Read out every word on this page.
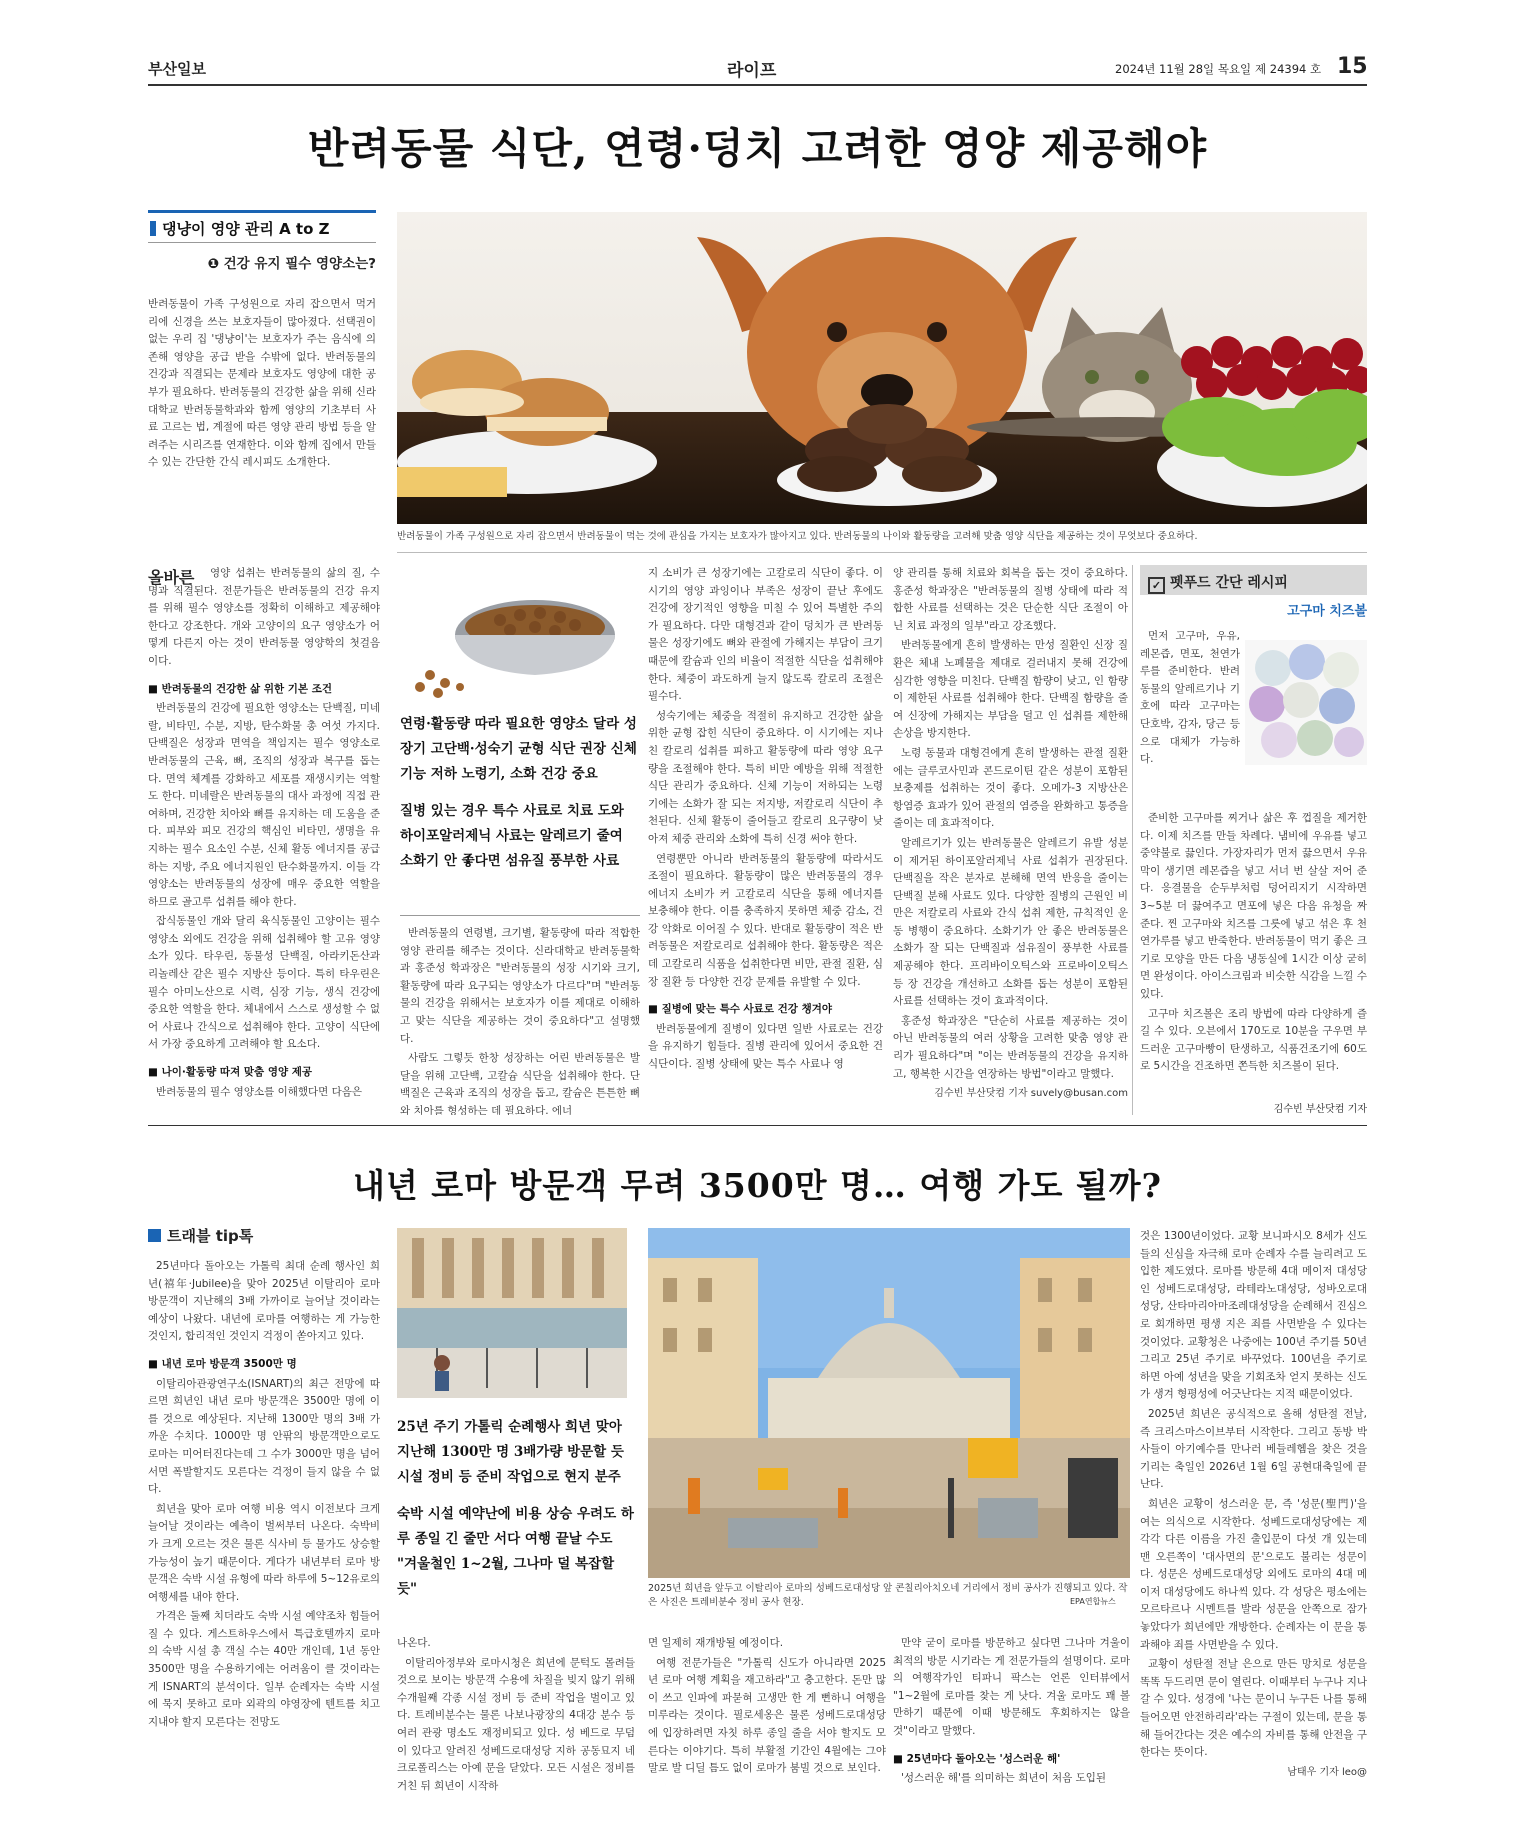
부산일보	라이프	2024년 11월 28일 목요일 제 24394 호 15
반려동물 식단, 연령·덩치 고려한 영양 제공해야
댕냥이 영양 관리 A to Z
❶ 건강 유지 필수 영양소는?

반려동물이 가족 구성원으로 자리 잡으면서 먹거리에 신경을 쓰는 보호자들이 많아졌다. 선택권이 없는 우리 집 '댕냥이'는 보호자가 주는 음식에 의존해 영양을 공급 받을 수밖에 없다. 반려동물의 건강과 직결되는 문제라 보호자도 영양에 대한 공부가 필요하다. 반려동물의 건강한 삶을 위해 신라대학교 반려동물학과와 함께 영양의 기초부터 사료 고르는 법, 계절에 따른 영양 관리 방법 등을 알려주는 시리즈를 연재한다. 이와 함께 집에서 만들 수 있는 간단한 간식 레시피도 소개한다.

반려동물이 가족 구성원으로 자리 잡으면서 반려동물이 먹는 것에 관심을 가지는 보호자가 많아지고 있다. 반려동물의 나이와 활동량을 고려해 맞춤 영양 식단을 제공하는 것이 무엇보다 중요하다.
올바른	영양 섭취는 반려동물의 삶의 질, 수명과 직결된다. 전문가들은 반려동물의 건강 유지를 위해 필수 영양소를 정확히 이해하고 제공해야 한다고 강조한다. 개와 고양이의 요구 영양소가 어떻게 다른지 아는 것이 반려동물 영양학의 첫걸음이다.

■ 반려동물의 건강한 삶 위한 기본 조건

반려동물의 건강에 필요한 영양소는 단백질, 미네랄, 비타민, 수분, 지방, 탄수화물 총 여섯 가지다. 단백질은 성장과 면역을 책임지는 필수 영양소로 반려동물의 근육, 뼈, 조직의 성장과 복구를 돕는다. 면역 체계를 강화하고 세포를 재생시키는 역할도 한다. 미네랄은 반려동물의 대사 과정에 직접 관여하며, 건강한 치아와 뼈를 유지하는 데 도움을 준다. 피부와 피모 건강의 핵심인 비타민, 생명을 유지하는 필수 요소인 수분, 신체 활동 에너지를 공급하는 지방, 주요 에너지원인 탄수화물까지. 이들 각 영양소는 반려동물의 성장에 매우 중요한 역할을 하므로 골고루 섭취를 해야 한다.

잡식동물인 개와 달리 육식동물인 고양이는 필수 영양소 외에도 건강을 위해 섭취해야 할 고유 영양소가 있다. 타우린, 동물성 단백질, 아라키돈산과 리놀레산 같은 필수 지방산 등이다. 특히 타우린은 필수 아미노산으로 시력, 심장 기능, 생식 건강에 중요한 역할을 한다. 체내에서 스스로 생성할 수 없어 사료나 간식으로 섭취해야 한다. 고양이 식단에서 가장 중요하게 고려해야 할 요소다.

■ 나이·활동량 따져 맞춤 영양 제공

반려동물의 필수 영양소를 이해했다면 다음은

연령·활동량 따라 필요한 영양소 달라 성장기 고단백·성숙기 균형 식단 권장 신체 기능 저하 노령기, 소화 건강 중요

질병 있는 경우 특수 사료로 치료 도와 하이포알러제닉 사료는 알레르기 줄여 소화기 안 좋다면 섬유질 풍부한 사료

반려동물의 연령별, 크기별, 활동량에 따라 적합한 영양 관리를 해주는 것이다. 신라대학교 반려동물학과 홍준성 학과장은 "반려동물의 성장 시기와 크기, 활동량에 따라 요구되는 영양소가 다르다"며 "반려동물의 건강을 위해서는 보호자가 이를 제대로 이해하고 맞는 식단을 제공하는 것이 중요하다"고 설명했다.

사람도 그렇듯 한창 성장하는 어린 반려동물은 발달을 위해 고단백, 고칼슘 식단을 섭취해야 한다. 단백질은 근육과 조직의 성장을 돕고, 칼슘은 튼튼한 뼈와 치아를 형성하는 데 필요하다. 에너

지 소비가 큰 성장기에는 고칼로리 식단이 좋다. 이 시기의 영양 과잉이나 부족은 성장이 끝난 후에도 건강에 장기적인 영향을 미칠 수 있어 특별한 주의가 필요하다. 다만 대형견과 같이 덩치가 큰 반려동물은 성장기에도 뼈와 관절에 가해지는 부담이 크기 때문에 칼슘과 인의 비율이 적절한 식단을 섭취해야 한다. 체중이 과도하게 늘지 않도록 칼로리 조절은 필수다.

성숙기에는 체중을 적절히 유지하고 건강한 삶을 위한 균형 잡힌 식단이 중요하다. 이 시기에는 지나친 칼로리 섭취를 피하고 활동량에 따라 영양 요구량을 조절해야 한다. 특히 비만 예방을 위해 적절한 식단 관리가 중요하다. 신체 기능이 저하되는 노령기에는 소화가 잘 되는 저지방, 저칼로리 식단이 추천된다. 신체 활동이 줄어들고 칼로리 요구량이 낮아져 체중 관리와 소화에 특히 신경 써야 한다.

연령뿐만 아니라 반려동물의 활동량에 따라서도 조절이 필요하다. 활동량이 많은 반려동물의 경우 에너지 소비가 커 고칼로리 식단을 통해 에너지를 보충해야 한다. 이를 충족하지 못하면 체중 감소, 건강 악화로 이어질 수 있다. 반대로 활동량이 적은 반려동물은 저칼로리로 섭취해야 한다. 활동량은 적은데 고칼로리 식품을 섭취한다면 비만, 관절 질환, 심장 질환 등 다양한 건강 문제를 유발할 수 있다.

■ 질병에 맞는 특수 사료로 건강 챙겨야

반려동물에게 질병이 있다면 일반 사료로는 건강을 유지하기 힘들다. 질병 관리에 있어서 중요한 건 식단이다. 질병 상태에 맞는 특수 사료나 영

양 관리를 통해 치료와 회복을 돕는 것이 중요하다. 홍준성 학과장은 "반려동물의 질병 상태에 따라 적합한 사료를 선택하는 것은 단순한 식단 조절이 아닌 치료 과정의 일부"라고 강조했다.

반려동물에게 흔히 발생하는 만성 질환인 신장 질환은 체내 노폐물을 제대로 걸러내지 못해 건강에 심각한 영향을 미친다. 단백질 함량이 낮고, 인 함량이 제한된 사료를 섭취해야 한다. 단백질 함량을 줄여 신장에 가해지는 부담을 덜고 인 섭취를 제한해 손상을 방지한다.

노령 동물과 대형견에게 흔히 발생하는 관절 질환에는 글루코사민과 콘드로이틴 같은 성분이 포함된 보충제를 섭취하는 것이 좋다. 오메가-3 지방산은 항염증 효과가 있어 관절의 염증을 완화하고 통증을 줄이는 데 효과적이다.

알레르기가 있는 반려동물은 알레르기 유발 성분이 제거된 하이포알러제닉 사료 섭취가 권장된다. 단백질을 작은 분자로 분해해 면역 반응을 줄이는 단백질 분해 사료도 있다. 다양한 질병의 근원인 비만은 저칼로리 사료와 간식 섭취 제한, 규칙적인 운동 병행이 중요하다. 소화기가 안 좋은 반려동물은 소화가 잘 되는 단백질과 섬유질이 풍부한 사료를 제공해야 한다. 프리바이오틱스와 프로바이오틱스 등 장 건강을 개선하고 소화를 돕는 성분이 포함된 사료를 선택하는 것이 효과적이다.

홍준성 학과장은 "단순히 사료를 제공하는 것이 아닌 반려동물의 여러 상황을 고려한 맞춤 영양 관리가 필요하다"며 "이는 반려동물의 건강을 유지하고, 행복한 시간을 연장하는 방법"이라고 말했다.

김수빈 부산닷컴 기자 suvely@busan.com

✓ 펫푸드 간단 레시피
고구마 치즈볼

먼저 고구마, 우유, 레몬즙, 면포, 천연가루를 준비한다. 반려동물의 알레르기나 기호에 따라 고구마는 단호박, 감자, 당근 등으로 대체가 가능하다.

준비한 고구마를 찌거나 삶은 후 껍질을 제거한다. 이제 치즈를 만들 차례다. 냄비에 우유를 넣고 중약불로 끓인다. 가장자리가 먼저 끓으면서 우유막이 생기면 레몬즙을 넣고 서너 번 살살 저어 준다. 응결물을 순두부처럼 덩어리지기 시작하면 3~5분 더 끓여주고 면포에 넣은 다음 유청을 짜준다. 찐 고구마와 치즈를 그릇에 넣고 섞은 후 천연가루를 넣고 반죽한다. 반려동물이 먹기 좋은 크기로 모양을 만든 다음 냉동실에 1시간 이상 굳히면 완성이다. 아이스크림과 비슷한 식감을 느낄 수 있다.

고구마 치즈볼은 조리 방법에 따라 다양하게 즐길 수 있다. 오븐에서 170도로 10분을 구우면 부드러운 고구마빵이 탄생하고, 식품건조기에 60도로 5시간을 건조하면 쫀득한 치즈볼이 된다.

김수빈 부산닷컴 기자
내년 로마 방문객 무려 3500만 명… 여행 가도 될까?
트래블 tip톡

25년마다 돌아오는 가톨릭 최대 순례 행사인 희년(禧年·Jubilee)을 맞아 2025년 이탈리아 로마 방문객이 지난해의 3배 가까이로 늘어날 것이라는 예상이 나왔다. 내년에 로마를 여행하는 게 가능한 것인지, 합리적인 것인지 걱정이 쏟아지고 있다.

■ 내년 로마 방문객 3500만 명

이탈리아관광연구소(ISNART)의 최근 전망에 따르면 희년인 내년 로마 방문객은 3500만 명에 이를 것으로 예상된다. 지난해 1300만 명의 3배 가까운 수치다. 1000만 명 안팎의 방문객만으로도 로마는 미어터진다는데 그 수가 3000만 명을 넘어서면 폭발할지도 모른다는 걱정이 들지 않을 수 없다.

희년을 맞아 로마 여행 비용 역시 이전보다 크게 늘어날 것이라는 예측이 벌써부터 나온다. 숙박비가 크게 오르는 것은 물론 식사비 등 물가도 상승할 가능성이 높기 때문이다. 게다가 내년부터 로마 방문객은 숙박 시설 유형에 따라 하루에 5~12유로의 여행세를 내야 한다.

가격은 둘째 치더라도 숙박 시설 예약조차 힘들어질 수 있다. 게스트하우스에서 특급호텔까지 로마의 숙박 시설 총 객실 수는 40만 개인데, 1년 동안 3500만 명을 수용하기에는 어려움이 클 것이라는 게 ISNART의 분석이다. 일부 순례자는 숙박 시설에 묵지 못하고 로마 외곽의 야영장에 텐트를 치고 지내야 할지 모른다는 전망도

25년 주기 가톨릭 순례행사 희년 맞아 지난해 1300만 명 3배가량 방문할 듯 시설 정비 등 준비 작업으로 현지 분주

숙박 시설 예약난에 비용 상승 우려도 하루 종일 긴 줄만 서다 여행 끝날 수도 "겨울철인 1~2월, 그나마 덜 복잡할 듯"	2025년 희년을 앞두고 이탈리아 로마의 성베드로대성당 앞 콘칠리아치오네 거리에서 정비 공사가 진행되고 있다. 작은 사진은 트레비분수 정비 공사 현장.	EPA연합뉴스

나온다.

이탈리아정부와 로마시청은 희년에 문턱도 몰려들 것으로 보이는 방문객 수용에 차질을 빚지 않기 위해 수개월째 각종 시설 정비 등 준비 작업을 벌이고 있다. 트레비분수는 물론 나보나광장의 4대강 분수 등 여러 관광 명소도 재정비되고 있다. 성 베드로 무덤이 있다고 알려진 성베드로대성당 지하 공동묘지 네크로폴리스는 아예 문을 닫았다. 모든 시설은 정비를 거친 뒤 희년이 시작하

면 일제히 재개방될 예정이다.

여행 전문가들은 "가톨릭 신도가 아니라면 2025년 로마 여행 계획을 재고하라"고 충고한다. 돈만 많이 쓰고 인파에 파묻혀 고생만 한 게 뻔하니 여행을 미루라는 것이다. 필로세옹은 물론 성베드로대성당에 입장하려면 자칫 하루 종일 줄을 서야 할지도 모른다는 이야기다. 특히 부활절 기간인 4월에는 그야말로 발 디딜 틈도 없이 로마가 붐빌 것으로 보인다.

만약 굳이 로마를 방문하고 싶다면 그나마 겨울이 최적의 방문 시기라는 게 전문가들의 설명이다. 로마의 여행작가인 티파니 팍스는 언론 인터뷰에서 "1~2월에 로마를 찾는 게 낫다. 겨울 로마도 꽤 볼 만하기 때문에 이때 방문해도 후회하지는 않을 것"이라고 말했다.

■ 25년마다 돌아오는 '성스러운 해'

'성스러운 해'를 의미하는 희년이 처음 도입된

것은 1300년이었다. 교황 보니파시오 8세가 신도들의 신심을 자극해 로마 순례자 수를 늘리려고 도입한 제도였다. 로마를 방문해 4대 메이저 대성당인 성베드로대성당, 라테라노대성당, 성바오로대성당, 산타마리아마조레대성당을 순례해서 진심으로 회개하면 평생 지은 죄를 사면받을 수 있다는 것이었다. 교황청은 나중에는 100년 주기를 50년 그리고 25년 주기로 바꾸었다. 100년을 주기로 하면 아예 성년을 맞을 기회조차 얻지 못하는 신도가 생겨 형평성에 어긋난다는 지적 때문이었다.

2025년 희년은 공식적으로 올해 성탄절 전날, 즉 크리스마스이브부터 시작한다. 그리고 동방 박사들이 아기예수를 만나러 베들레헴을 찾은 것을 기리는 축일인 2026년 1월 6일 공현대축일에 끝난다.

희년은 교황이 성스러운 문, 즉 '성문(聖門)'을 여는 의식으로 시작한다. 성베드로대성당에는 제각각 다른 이름을 가진 출입문이 다섯 개 있는데 맨 오른쪽이 '대사면의 문'으로도 불리는 성문이다. 성문은 성베드로대성당 외에도 로마의 4대 메이저 대성당에도 하나씩 있다. 각 성당은 평소에는 모르타르나 시멘트를 발라 성문을 안쪽으로 잠가 놓았다가 희년에만 개방한다. 순례자는 이 문을 통과해야 죄를 사면받을 수 있다.

교황이 성탄절 전날 은으로 만든 망치로 성문을 똑똑 두드리면 문이 열린다. 이때부터 누구나 지나갈 수 있다. 성경에 '나는 문이니 누구든 나를 통해 들어오면 안전하리라'라는 구절이 있는데, 문을 통해 들어간다는 것은 예수의 자비를 통해 안전을 구한다는 뜻이다.

남태우 기자 leo@
